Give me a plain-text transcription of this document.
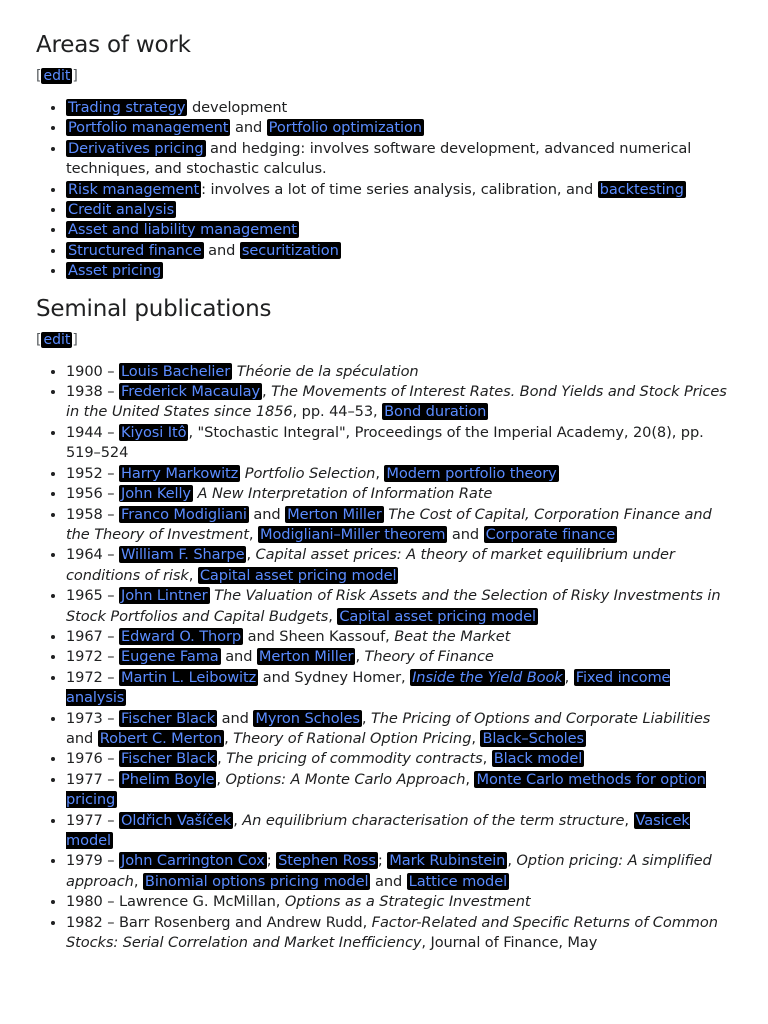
Areas of work
[ edit ]
• Trading strategy development
• Portfolio management and Portfolio optimization
• Derivatives pricing and hedging: involves software development, advanced numerical techniques, and stochastic calculus.
• Risk management : involves a lot of time series analysis, calibration, and backtesting
• Credit analysis
• Asset and liability management
• Structured finance and securitization
• Asset pricing
Seminal publications
[ edit ]
• 1900 – Louis Bachelier Théorie de la spéculation
• 1938 – Frederick Macaulay , The Movements of Interest Rates. Bond Yields and Stock Prices in the United States since 1856, pp. 44–53, Bond duration
• 1944 – Kiyosi Itô , "Stochastic Integral", Proceedings of the Imperial Academy, 20(8), pp. 519–524
• 1952 – Harry Markowitz Portfolio Selection, Modern portfolio theory
• 1956 – John Kelly A New Interpretation of Information Rate
• 1958 – Franco Modigliani and Merton Miller The Cost of Capital, Corporation Finance and the Theory of Investment, Modigliani–Miller theorem and Corporate finance
• 1964 – William F. Sharpe , Capital asset prices: A theory of market equilibrium under conditions of risk, Capital asset pricing model
• 1965 – John Lintner The Valuation of Risk Assets and the Selection of Risky Investments in Stock Portfolios and Capital Budgets, Capital asset pricing model
• 1967 – Edward O. Thorp and Sheen Kassouf, Beat the Market
• 1972 – Eugene Fama and Merton Miller , Theory of Finance
• 1972 – Martin L. Leibowitz and Sydney Homer, Inside the Yield Book , Fixed income analysis
• 1973 – Fischer Black and Myron Scholes , The Pricing of Options and Corporate Liabilities and Robert C. Merton , Theory of Rational Option Pricing, Black–Scholes
• 1976 – Fischer Black , The pricing of commodity contracts, Black model
• 1977 – Phelim Boyle , Options: A Monte Carlo Approach, Monte Carlo methods for option pricing
• 1977 – Oldřich Vašíček , An equilibrium characterisation of the term structure, Vasicek model
• 1979 – John Carrington Cox ; Stephen Ross ; Mark Rubinstein , Option pricing: A simplified approach, Binomial options pricing model and Lattice model
• 1980 – Lawrence G. McMillan, Options as a Strategic Investment
• 1982 – Barr Rosenberg and Andrew Rudd, Factor-Related and Specific Returns of Common Stocks: Serial Correlation and Market Inefficiency, Journal of Finance, May
